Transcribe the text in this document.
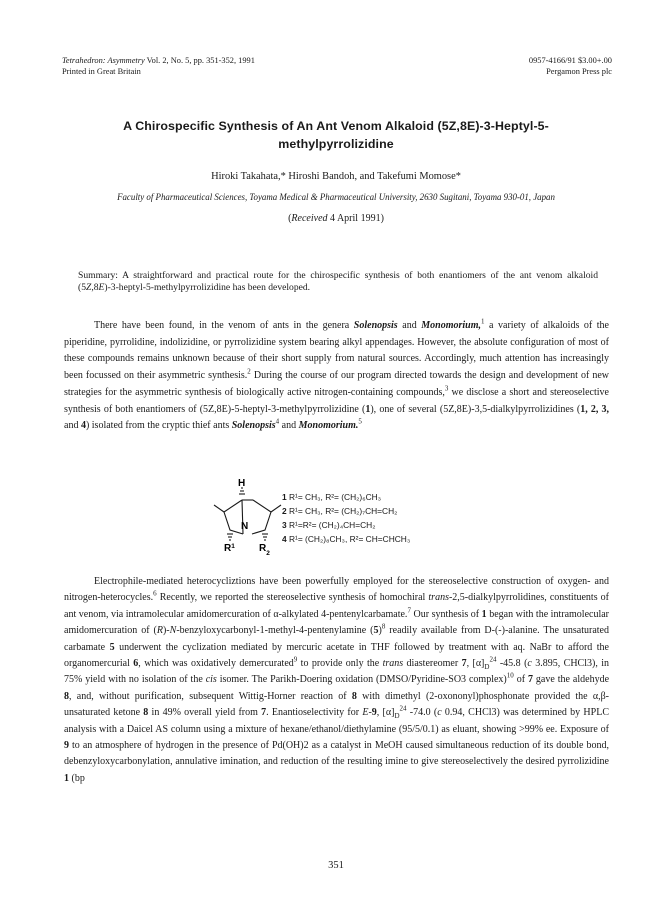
Tetrahedron: Asymmetry Vol. 2, No. 5, pp. 351-352, 1991
Printed in Great Britain
0957-4166/91 $3.00+.00
Pergamon Press plc
A Chirospecific Synthesis of An Ant Venom Alkaloid (5Z,8E)-3-Heptyl-5-
methylpyrrolizidine
Hiroki Takahata,* Hiroshi Bandoh, and Takefumi Momose*
Faculty of Pharmaceutical Sciences, Toyama Medical & Pharmaceutical University, 2630 Sugitani, Toyama 930-01, Japan
(Received 4 April 1991)
Summary: A straightforward and practical route for the chirospecific synthesis of both enantiomers of the ant venom alkaloid (5Z,8E)-3-heptyl-5-methylpyrrolizidine has been developed.
There have been found, in the venom of ants in the genera Solenopsis and Monomorium,$^1$ a variety of alkaloids of the piperidine, pyrrolidine, indolizidine, or pyrrolizidine system bearing alkyl appendages. However, the absolute configuration of most of these compounds remains unknown because of their short supply from natural sources. Accordingly, much attention has increasingly been focussed on their asymmetric synthesis.$^2$ During the course of our program directed towards the design and development of new strategies for the asymmetric synthesis of biologically active nitrogen-containing compounds,$^3$ we disclose a short and stereoselective synthesis of both enantiomers of (5Z,8E)-5-heptyl-3-methylpyrrolizidine (1), one of several (5Z,8E)-3,5-dialkylpyrrolizidines (1, 2, 3, and 4) isolated from the cryptic thief ants Solenopsis$^4$ and Monomorium.$^5$
H
N
$R^1$ $R_2$
1 R¹= CH₃, R²= (CH₂)₆CH₃
2 R¹= CH₃, R²= (CH₂)₇CH=CH₂
3 R¹=R²= (CH₂)₄CH=CH₂
4 R¹= (CH₂)₈CH₃, R²= CH=CHCH₃
Electrophile-mediated heterocycliztions have been powerfully employed for the stereoselective construction of oxygen- and nitrogen-heterocycles.$^6$ Recently, we reported the stereoselective synthesis of homochiral trans-2,5-dialkylpyrrolidines, constituents of ant venom, via intramolecular amidomercuration of α-alkylated 4-pentenylcarbamate.$^7$ Our synthesis of 1 began with the intramolecular amidomercuration of (R)-N-benzyloxycarbonyl-1-methyl-4-pentenylamine $(5)^8$ readily available from D-(-)-alanine. The unsaturated carbamate 5 underwent the cyclization mediated by mercuric acetate in THF followed by treatment with aq. NaBr to afford the organomercurial 6, which was oxidatively demercurated$^9$ to provide only the trans diastereomer 7, $[\alpha]_D^{24}$ -45.8 (c 3.895, CHCl3), in 75% yield with no isolation of the cis isomer. The Parikh-Doering oxidation (DMSO/Pyridine-SO3 complex)$^{10}$ of 7 gave the aldehyde 8, and, without purification, subsequent Wittig-Horner reaction of 8 with dimethyl (2-oxononyl)phosphonate provided the α,β-unsaturated ketone 8 in 49% overall yield from 7. Enantioselectivity for E-9, $[\alpha]_D^{24}$ -74.0 (c 0.94, CHCl3) was determined by HPLC analysis with a Daicel AS column using a mixture of hexane/ethanol/diethylamine (95/5/0.1) as eluant, showing >99% ee. Exposure of 9 to an atmosphere of hydrogen in the presence of Pd(OH)2 as a catalyst in MeOH caused simultaneous reduction of its double bond, debenzyloxycarbonylation, annulative imination, and reduction of the resulting imine to give stereoselectively the desired pyrrolizidine 1 (bp
351
